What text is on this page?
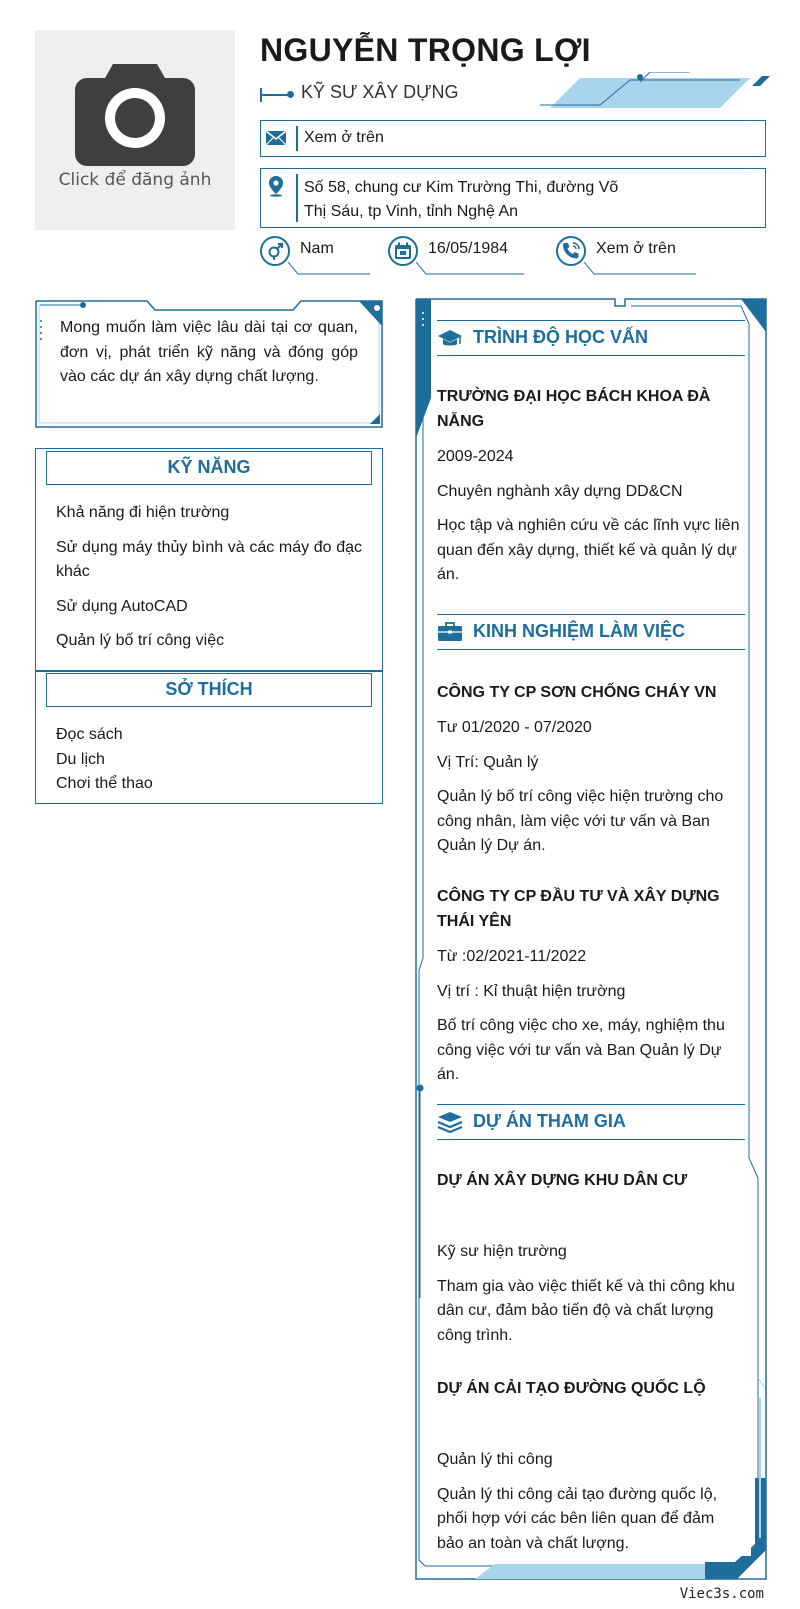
Click để đăng ảnh
NGUYỄN TRỌNG LỢI
KỸ SƯ XÂY DỰNG
Xem ở trên
Số 58, chung cư Kim Trường Thi, đường Võ
Thị Sáu, tp Vinh, tỉnh Nghệ An
Nam	16/05/1984	Xem ở trên
Mong muốn làm việc lâu dài tại cơ quan, đơn vị, phát triển kỹ năng và đóng góp vào các dự án xây dựng chất lượng.
KỸ NĂNG
Khả năng đi hiện trường
Sử dụng máy thủy bình và các máy đo đạc khác
Sử dụng AutoCAD
Quản lý bố trí công việc
SỞ THÍCH
Đọc sách
Du lịch
Chơi thể thao
TRÌNH ĐỘ HỌC VẤN
TRƯỜNG ĐẠI HỌC BÁCH KHOA ĐÀ NẴNG
2009-2024
Chuyên nghành xây dựng DD&CN
Học tập và nghiên cứu về các lĩnh vực liên quan đến xây dựng, thiết kế và quản lý dự án.
KINH NGHIỆM LÀM VIỆC
CÔNG TY CP SƠN CHỐNG CHÁY VN
Tư 01/2020 - 07/2020
Vị Trí: Quản lý
Quản lý bố trí công việc hiện trường cho công nhân, làm việc với tư vấn và Ban Quản lý Dự án.
CÔNG TY CP ĐẦU TƯ VÀ XÂY DỰNG THÁI YÊN
Từ :02/2021-11/2022
Vị trí : Kỉ thuật hiện trường
Bố trí công việc cho xe, máy, nghiệm thu công việc với tư vấn và Ban Quản lý Dự án.
DỰ ÁN THAM GIA
DỰ ÁN XÂY DỰNG KHU DÂN CƯ
Kỹ sư hiện trường
Tham gia vào việc thiết kế và thi công khu dân cư, đảm bảo tiến độ và chất lượng công trình.
DỰ ÁN CẢI TẠO ĐƯỜNG QUỐC LỘ
Quản lý thi công
Quản lý thi công cải tạo đường quốc lộ, phối hợp với các bên liên quan để đảm bảo an toàn và chất lượng.
Viec3s.com
